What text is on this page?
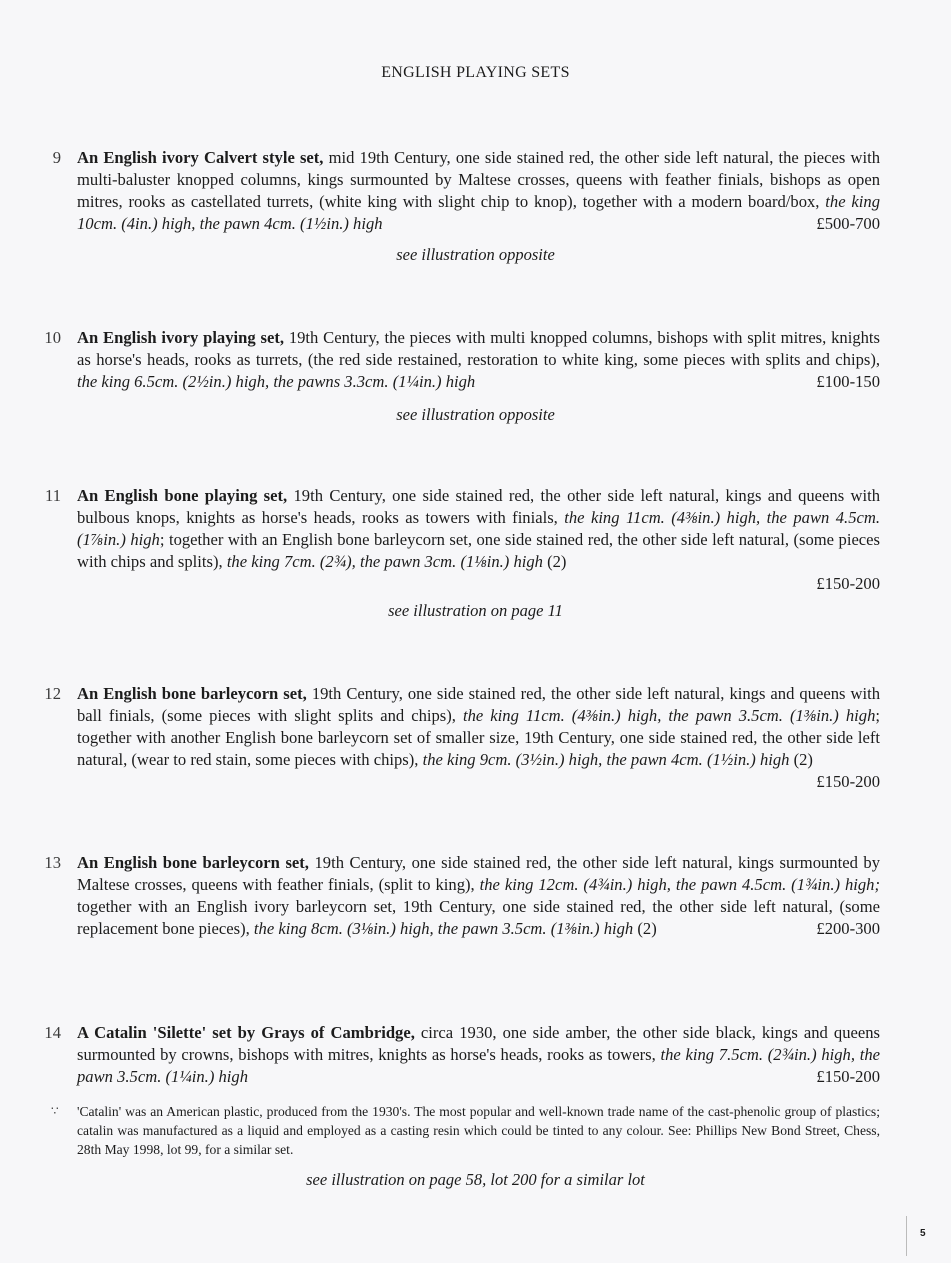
ENGLISH PLAYING SETS
9 An English ivory Calvert style set, mid 19th Century, one side stained red, the other side left natural, the pieces with multi-baluster knopped columns, kings surmounted by Maltese crosses, queens with feather finials, bishops as open mitres, rooks as castellated turrets, (white king with slight chip to knop), together with a modern board/box, the king 10cm. (4in.) high, the pawn 4cm. (1½in.) high	£500-700
see illustration opposite
10 An English ivory playing set, 19th Century, the pieces with multi knopped columns, bishops with split mitres, knights as horse's heads, rooks as turrets, (the red side restained, restoration to white king, some pieces with splits and chips), the king 6.5cm. (2½in.) high, the pawns 3.3cm. (1¼in.) high	£100-150
see illustration opposite
11 An English bone playing set, 19th Century, one side stained red, the other side left natural, kings and queens with bulbous knops, knights as horse's heads, rooks as towers with finials, the king 11cm. (4⅜in.) high, the pawn 4.5cm. (1⅞in.) high; together with an English bone barleycorn set, one side stained red, the other side left natural, (some pieces with chips and splits), the king 7cm. (2¾), the pawn 3cm. (1⅛in.) high (2)
£150-200
see illustration on page 11
12 An English bone barleycorn set, 19th Century, one side stained red, the other side left natural, kings and queens with ball finials, (some pieces with slight splits and chips), the king 11cm. (4⅜in.) high, the pawn 3.5cm. (1⅜in.) high; together with another English bone barleycorn set of smaller size, 19th Century, one side stained red, the other side left natural, (wear to red stain, some pieces with chips), the king 9cm. (3½in.) high, the pawn 4cm. (1½in.) high (2)
£150-200
13 An English bone barleycorn set, 19th Century, one side stained red, the other side left natural, kings surmounted by Maltese crosses, queens with feather finials, (split to king), the king 12cm. (4¾in.) high, the pawn 4.5cm. (1¾in.) high; together with an English ivory barleycorn set, 19th Century, one side stained red, the other side left natural, (some replacement bone pieces), the king 8cm. (3⅛in.) high, the pawn 3.5cm. (1⅜in.) high (2)	£200-300
14 A Catalin 'Silette' set by Grays of Cambridge, circa 1930, one side amber, the other side black, kings and queens surmounted by crowns, bishops with mitres, knights as horse's heads, rooks as towers, the king 7.5cm. (2¾in.) high, the pawn 3.5cm. (1¼in.) high	£150-200
∵ 'Catalin' was an American plastic, produced from the 1930's. The most popular and well-known trade name of the cast-phenolic group of plastics; catalin was manufactured as a liquid and employed as a casting resin which could be tinted to any colour. See: Phillips New Bond Street, Chess, 28th May 1998, lot 99, for a similar set.
see illustration on page 58, lot 200 for a similar lot
5
